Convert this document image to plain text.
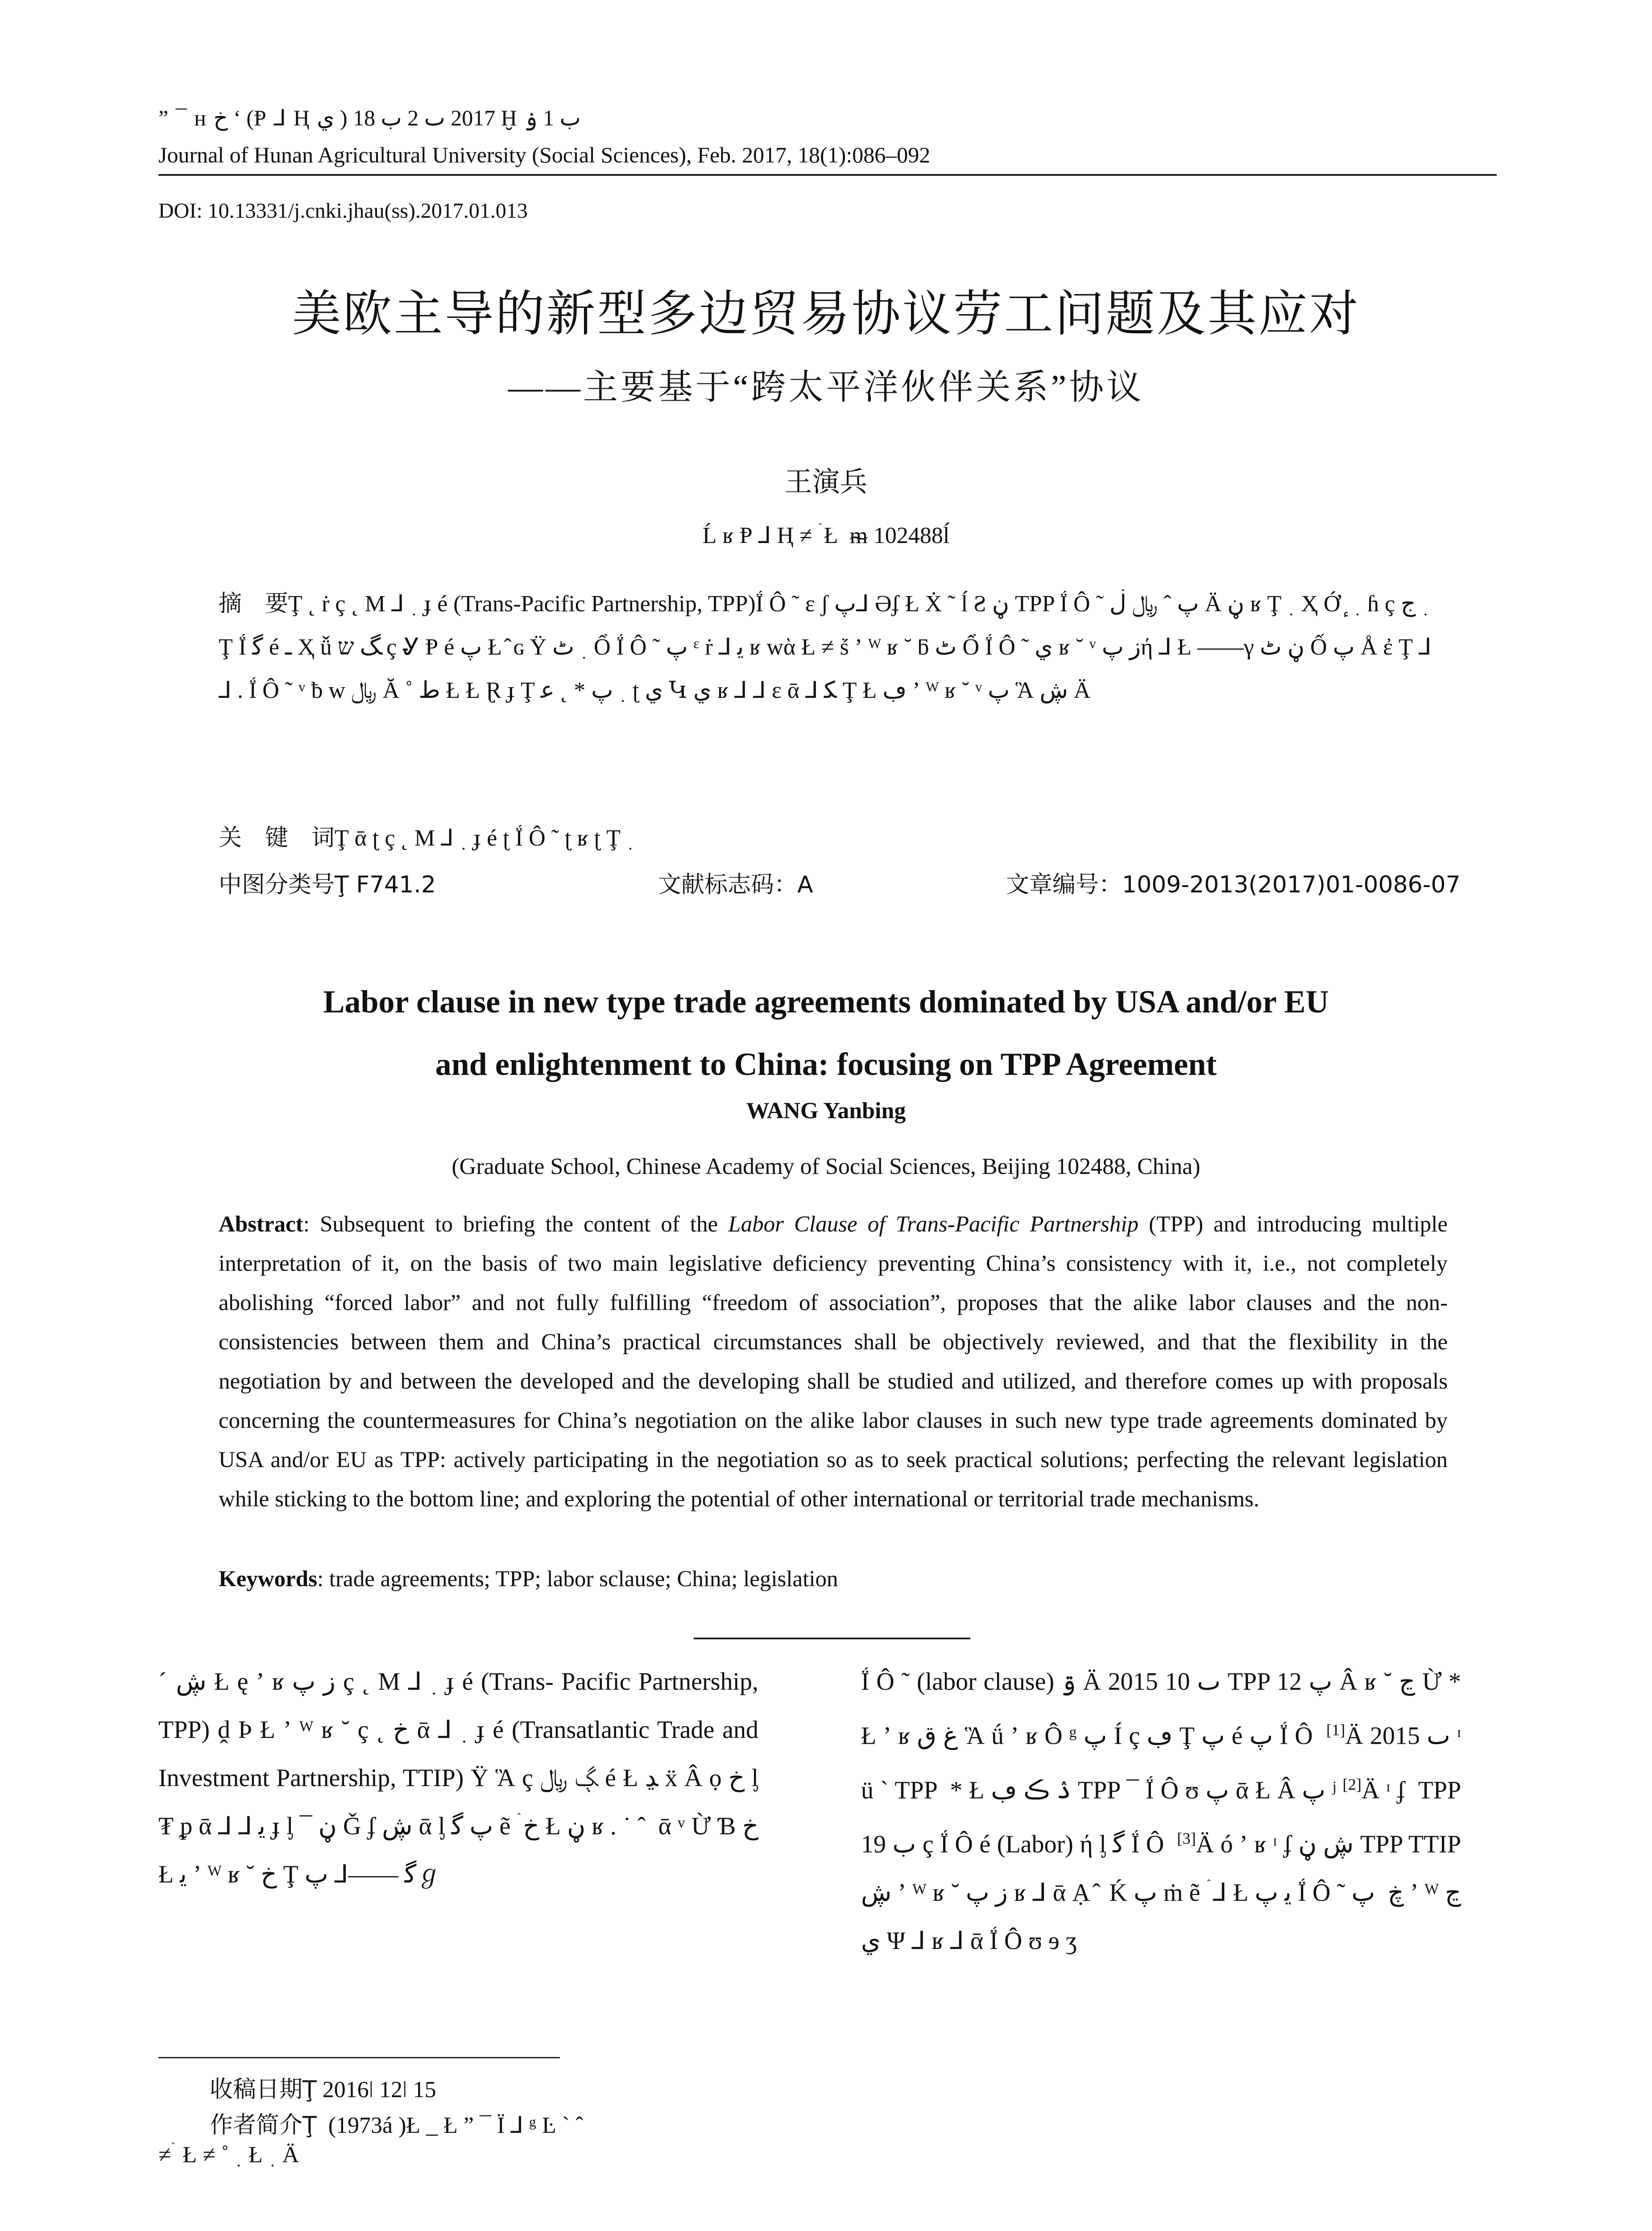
” ¯ ʜ خ ʻ (Ᵽ ⅃ Ⱨ ي ) 2017 ٮ 2 ب 18 Ḫ ب 1 ۏ
Journal of Hunan Agricultural University (Social Sciences), Feb. 2017, 18(1):086–092
DOI: 10.13331/j.cnki.jhau(ss).2017.01.013
美欧主导的新型多边贸易协议劳工问题及其应对
——主要基于“跨太平洋伙伴关系”协议
王演兵
Ĺ ʁ Ᵽ ⅃ Ⱨ ≠ ۛ Ł ︎ ᵯ 102488ĺ
摘　要Ţ ˛ ṙ ç ˛ M ⅃ ﮳ ɟ é (Trans-Pacific Partnership, TPP)Ḯ Ô ˜ ɛ ʃ پ‌⅃ Əʄ Ł Ẋ ˜ ĺ Ƨ ڼ TPP Ḯ Ô ˜ پ‌ ˆ ﷼ ڶ Ä ڼ ʁ Ţ ﮳ Ҳ Ớ ٕ‌ ﮳ ɦ ç ﮳ ج Ţ Ḯ ﮔ é ـ Ҳ ǚ ﮓ ש ç Ꮍ Ᵽ é پ‌ Ł ̂ ɢ Ÿ ﮳ ٹ Ổ Ḯ Ô ˜ پ‌ ᵋ ṙ ⅃ ﯾ ʁ wὰ Ł ≠ ṥ ʼ ᵂ ʁ ˘ ƃ ٹ Ổ Ḯ Ô ˜ ي ʁ ˘ ᵛ ز پ‌ή ⅃ Ł ——γ ڼ ٹ Ố پ‌ Å ἐ Ţ ⅃ ⅃ . Ḯ Ô ˜ ᵛ ƀ w ﷼ Ă ˚ ط Ł Ł Ɽ ɟ Ţ ﮳ پ‌ * ˛ ﻋ ʈ ي Կ ي ʁ ⅃ ⅃ ɛ ᾱ ⅃ ﮑ Ţ Ł ڢ ʼ ᵂ ʁ ˘ ᵛ پ‌ Ἃ ڜ Ä
关　键　词Ţ ᾱ ʈ ç ˛ M ⅃ ﮳ ɟ é ʈ Ḯ Ô ˜ ʈ ʁ ʈ Ţ ﮳
中图分类号Ţ F741.2	文献标志码：A	文章编号：1009-2013(2017)01-0086-07
Labor clause in new type trade agreements dominated by USA and/or EU
and enlightenment to China: focusing on TPP Agreement
WANG Yanbing
(Graduate School, Chinese Academy of Social Sciences, Beijing 102488, China)
Abstract: Subsequent to briefing the content of the Labor Clause of Trans-Pacific Partnership (TPP) and introducing multiple interpretation of it, on the basis of two main legislative deficiency preventing China’s consistency with it, i.e., not completely abolishing “forced labor” and not fully fulfilling “freedom of association”, proposes that the alike labor clauses and the non-consistencies between them and China’s practical circumstances shall be objectively reviewed, and that the flexibility in the negotiation by and between the developed and the developing shall be studied and utilized, and therefore comes up with proposals concerning the countermeasures for China’s negotiation on the alike labor clauses in such new type trade agreements dominated by USA and/or EU as TPP: actively participating in the negotiation so as to seek practical solutions; perfecting the relevant legislation while sticking to the bottom line; and exploring the potential of other international or territorial trade mechanisms.
Keywords: trade agreements; TPP; labor sclause; China; legislation
ˊ ڜ Ł ę ʼ ʁ ز پ‌ ç ˛ M ⅃ ﮳ ɟ é (Trans- Pacific Partnership, TPP) ḓ Þ Ł ʼ ᵂ ʁ ˘ ç ˛ خ ᾱ ⅃ ﮳ ɟ é (Transatlantic Trade and Investment Partnership, TTIP) Ÿ Ἃ ç ﮗ ﷼ é Ł ﮃ ẍ Â ọ خ ᶅ ₮ ᵱ ᾱ ⅃ ⅃ ﯾ ɟ ᶅ ¯ ڼ Ǧ ʄ ڜ ᾱ ᶅ پ‌ ﮔ ẽ ۛ خ Ł ڼ ʁ . ˙ ˆ ︎ ᾱ ᵛ Ừ Ɓ خ Ł ﯾ ʼ ᵂ ʁ ˘ خ Ţ ﮔ ——⅃ پ‌ℊ ︎
Ḯ Ô ˜ (labor clause) ۊ Ä 2015 ٮ 10 TPP پ‌ 12 Â ʁ ˘ ڃ Ừ * Ł ʼ ʁ ﻍ ق Ἃ ǘ ʼ ʁ Ô ᵍ پ‌ Í ç ڢ Ţ پ‌ é پ‌ Ḯ Ô ︎ [1]Ä 2015 ٮ ᶦ ü ` TPP ︎ * Ł ۮ ڪ ڢ TPP ¯ Ḯ Ô ʊ پ‌ ᾱ Ł Â پ‌ ʲ [2]Ä ᶦ ʄ ︎ TPP ب 19 ç Ḯ Ô é (Labor) ή ᶅ ﮔ Ḯ Ô ︎ [3]Ä ó ʼ ʁ ᶦ ʄ ڜ ڼ TPP TTIP ڜ ʼ ᵂ ʁ ˘ ز پ‌ ʁ ⅃ ᾱ Ạ ̂ ︎ Ḱ پ‌ ṁ ẽ ۛ ⅃ Ł ﯾ پ‌ Ḯ Ô ˜ ڿ ︎ پ‌ ʼ ᵂ ڃ ي Ψ ⅃ ʁ ⅃ ᾱ Ḯ Ô ʊ ɘ ʒ
收稿日期Ţ 2016ǀ 12ǀ 15
作者简介Ţ ︎ (1973á )Ł _ Ł ” ¯ Ï ⅃ ᵍ Ŀ ` ˆ
≠ ۛ Ł ≠ ˚ ﮳ Ł ﮳ Ä
